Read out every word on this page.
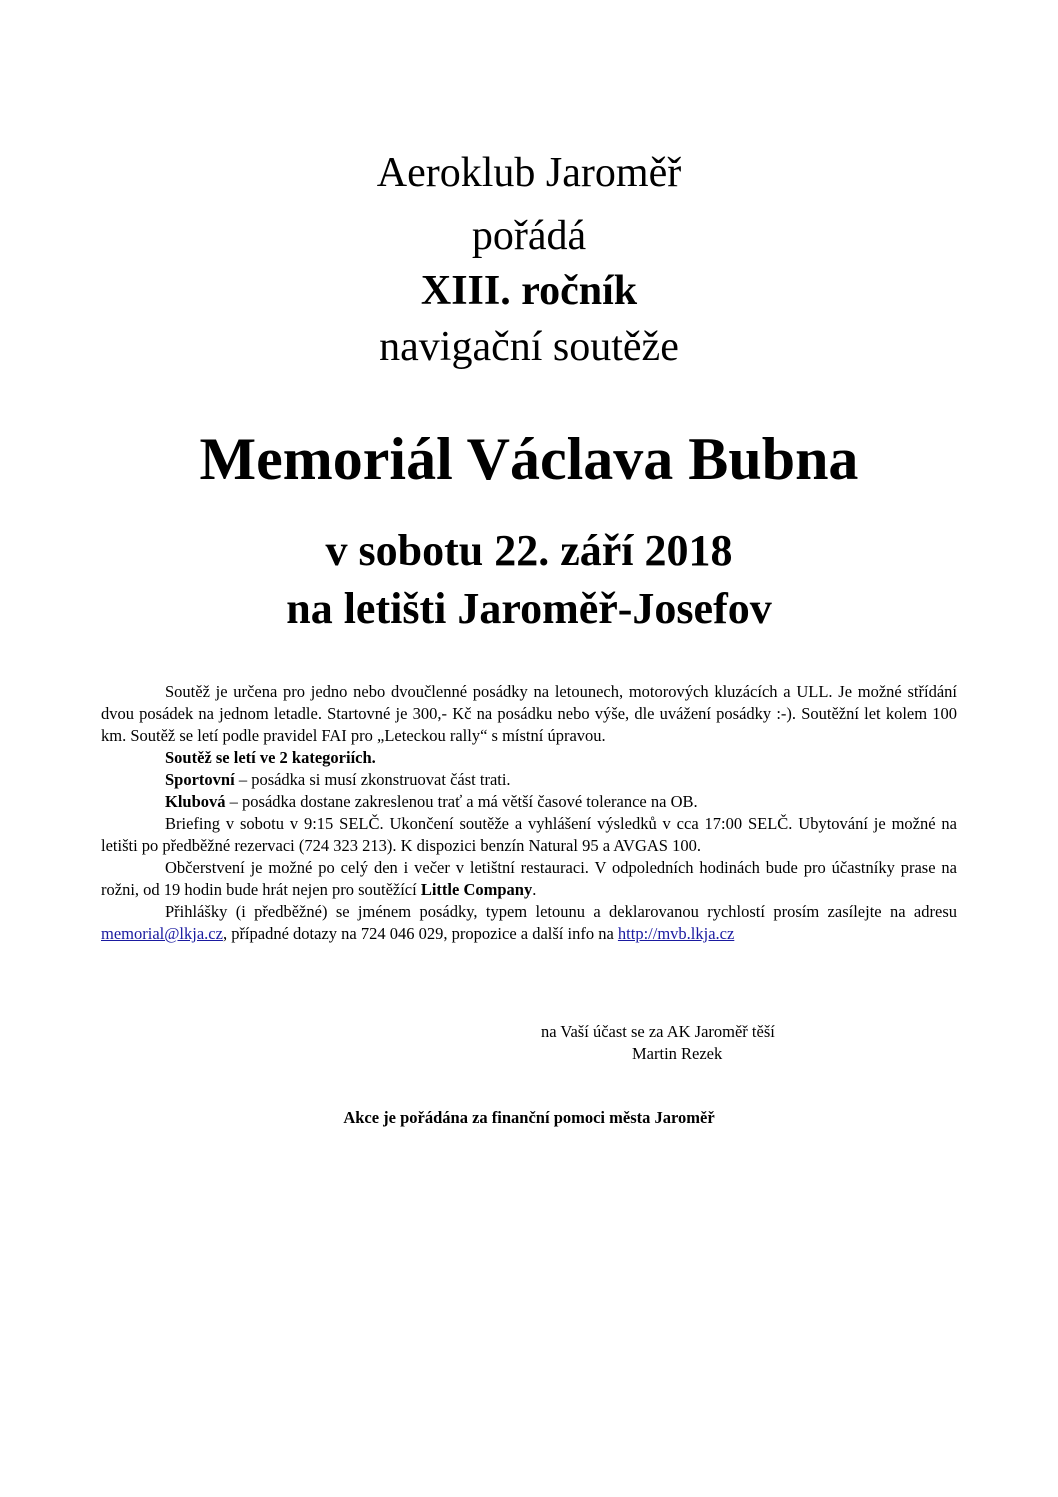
Aeroklub Jaroměř
pořádá
XIII. ročník
navigační soutěže
Memoriál Václava Bubna
v sobotu 22. září 2018
na letišti Jaroměř-Josefov

Soutěž je určena pro jedno nebo dvoučlenné posádky na letounech, motorových kluzácích a ULL. Je možné střídání dvou posádek na jednom letadle. Startovné je 300,- Kč na posádku nebo výše, dle uvážení posádky :-). Soutěžní let kolem 100 km. Soutěž se letí podle pravidel FAI pro „Leteckou rally“ s místní úpravou.

Soutěž se letí ve 2 kategoriích.

Sportovní – posádka si musí zkonstruovat část trati.

Klubová – posádka dostane zakreslenou trať a má větší časové tolerance na OB.

Briefing v sobotu v 9:15 SELČ. Ukončení soutěže a vyhlášení výsledků v cca 17:00 SELČ. Ubytování je možné na letišti po předběžné rezervaci (724 323 213). K dispozici benzín Natural 95 a AVGAS 100.

Občerstvení je možné po celý den i večer v letištní restauraci. V odpoledních hodinách bude pro účastníky prase na rožni, od 19 hodin bude hrát nejen pro soutěžící Little Company.

Přihlášky (i předběžné) se jménem posádky, typem letounu a deklarovanou rychlostí prosím zasílejte na adresu memorial@lkja.cz, případné dotazy na 724 046 029, propozice a další info na http://mvb.lkja.cz

na Vaší účast se za AK Jaroměř těší
Martin Rezek
Akce je pořádána za finanční pomoci města Jaroměř
